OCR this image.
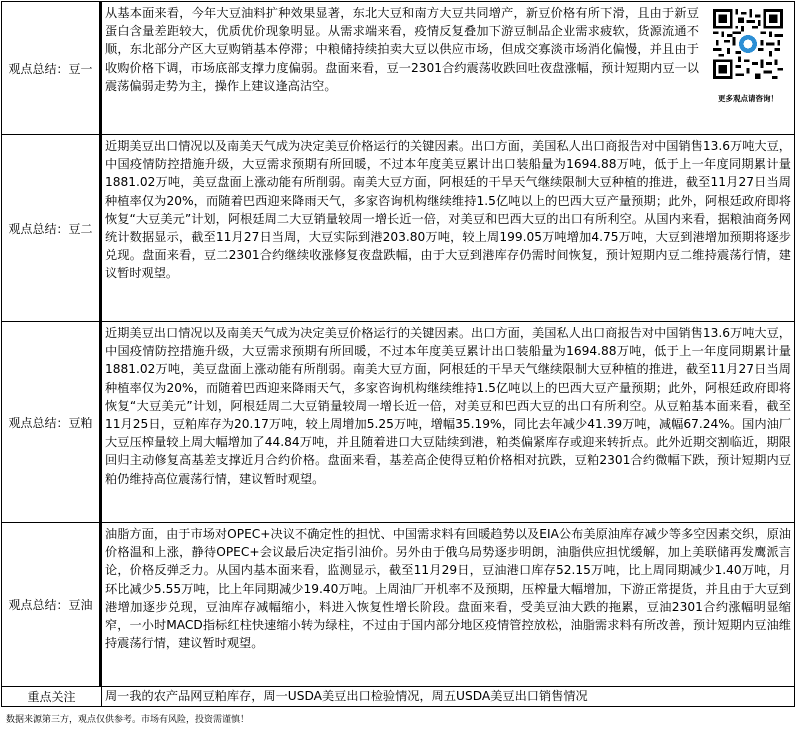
观点总结：豆一
从基本面来看，今年大豆油料扩种效果显著，东北大豆和南方大豆共同增产，新豆价格有所下滑，且由于新豆蛋白含量差距较大，优质优价现象明显。从需求端来看，疫情反复叠加下游豆制品企业需求疲软，货源流通不顺，东北部分产区大豆购销基本停滞；中粮储持续拍卖大豆以供应市场，但成交寡淡市场消化偏慢，并且由于收购价格下调，市场底部支撑力度偏弱。盘面来看，豆一2301合约震荡收跌回吐夜盘涨幅，预计短期内豆一以震荡偏弱走势为主，操作上建议逢高沽空。
更多观点请咨询！
观点总结：豆二
近期美豆出口情况以及南美天气成为决定美豆价格运行的关键因素。出口方面，美国私人出口商报告对中国销售13.6万吨大豆，中国疫情防控措施升级，大豆需求预期有所回暖，不过本年度美豆累计出口装船量为1694.88万吨，低于上一年度同期累计量1881.02万吨，美豆盘面上涨动能有所削弱。南美大豆方面，阿根廷的干旱天气继续限制大豆种植的推进，截至11月27日当周种植率仅为20%，而随着巴西迎来降雨天气，多家咨询机构继续维持1.5亿吨以上的巴西大豆产量预期；此外，阿根廷政府即将恢复“大豆美元”计划，阿根廷周二大豆销量较周一增长近一倍，对美豆和巴西大豆的出口有所利空。从国内来看，据粮油商务网统计数据显示，截至11月27日当周，大豆实际到港203.80万吨，较上周199.05万吨增加4.75万吨，大豆到港增加预期将逐步兑现。盘面来看，豆二2301合约继续收涨修复夜盘跌幅，由于大豆到港库存仍需时间恢复，预计短期内豆二维持震荡行情，建议暂时观望。
观点总结：豆粕
近期美豆出口情况以及南美天气成为决定美豆价格运行的关键因素。出口方面，美国私人出口商报告对中国销售13.6万吨大豆，中国疫情防控措施升级，大豆需求预期有所回暖，不过本年度美豆累计出口装船量为1694.88万吨，低于上一年度同期累计量1881.02万吨，美豆盘面上涨动能有所削弱。南美大豆方面，阿根廷的干旱天气继续限制大豆种植的推进，截至11月27日当周种植率仅为20%，而随着巴西迎来降雨天气，多家咨询机构继续维持1.5亿吨以上的巴西大豆产量预期；此外，阿根廷政府即将恢复“大豆美元”计划，阿根廷周二大豆销量较周一增长近一倍，对美豆和巴西大豆的出口有所利空。从豆粕基本面来看，截至11月25日，豆粕库存为20.17万吨，较上周增加5.25万吨，增幅35.19%，同比去年减少41.39万吨，减幅67.24%。国内油厂大豆压榨量较上周大幅增加了44.84万吨，并且随着进口大豆陆续到港，粕类偏紧库存或迎来转折点。此外近期交割临近，期限回归主动修复高基差支撑近月合约价格。盘面来看，基差高企使得豆粕价格相对抗跌，豆粕2301合约微幅下跌，预计短期内豆粕仍维持高位震荡行情，建议暂时观望。
观点总结：豆油
油脂方面，由于市场对OPEC+决议不确定性的担忧、中国需求料有回暖趋势以及EIA公布美原油库存减少等多空因素交织，原油价格温和上涨，静待OPEC+会议最后决定指引油价。另外由于俄乌局势逐步明朗，油脂供应担忧缓解，加上美联储再发鹰派言论，价格反弹乏力。从国内基本面来看，监测显示，截至11月29日，豆油港口库存52.15万吨，比上周同期减少1.40万吨，月环比减少5.55万吨，比上年同期减少19.40万吨。上周油厂开机率不及预期，压榨量大幅增加，下游正常提货，并且由于大豆到港增加逐步兑现，豆油库存减幅缩小，料进入恢复性增长阶段。盘面来看，受美豆油大跌的拖累，豆油2301合约涨幅明显缩窄，一小时MACD指标红柱快速缩小转为绿柱，不过由于国内部分地区疫情管控放松，油脂需求料有所改善，预计短期内豆油维持震荡行情，建议暂时观望。
重点关注	周一我的农产品网豆粕库存，周一USDA美豆出口检验情况，周五USDA美豆出口销售情况
数据来源第三方，观点仅供参考。市场有风险，投资需谨慎！
